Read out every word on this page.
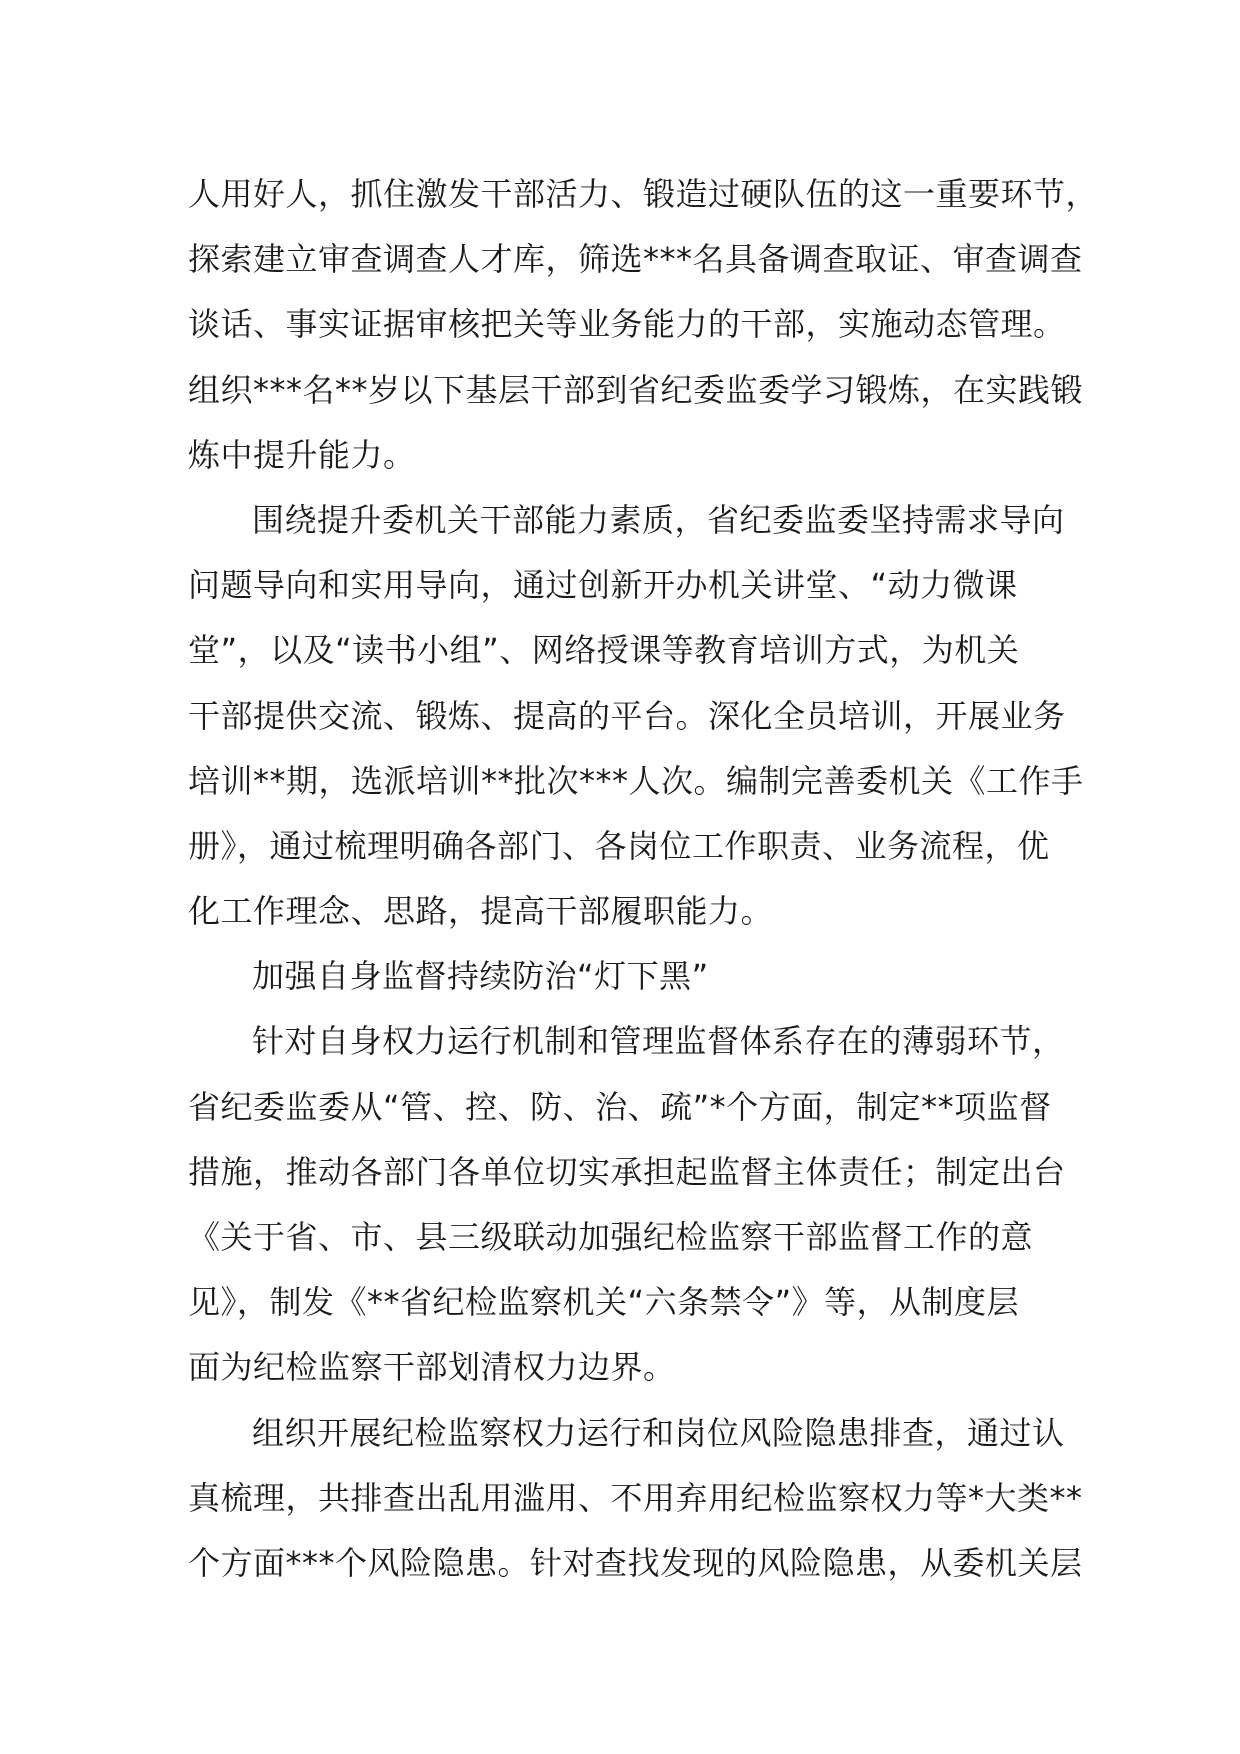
人用好人，抓住激发干部活力、锻造过硬队伍的这一重要环节，
探索建立审查调查人才库，筛选***名具备调查取证、审查调查
谈话、事实证据审核把关等业务能力的干部，实施动态管理。
组织***名**岁以下基层干部到省纪委监委学习锻炼，在实践锻
炼中提升能力。
围绕提升委机关干部能力素质，省纪委监委坚持需求导向
问题导向和实用导向，通过创新开办机关讲堂、“动力微课
堂”，以及“读书小组”、网络授课等教育培训方式，为机关
干部提供交流、锻炼、提高的平台。深化全员培训，开展业务
培训**期，选派培训**批次***人次。编制完善委机关《工作手
册》，通过梳理明确各部门、各岗位工作职责、业务流程，优
化工作理念、思路，提高干部履职能力。
加强自身监督持续防治“灯下黑”
针对自身权力运行机制和管理监督体系存在的薄弱环节，
省纪委监委从“管、控、防、治、疏”*个方面，制定**项监督
措施，推动各部门各单位切实承担起监督主体责任；制定出台
《关于省、市、县三级联动加强纪检监察干部监督工作的意
见》，制发《**省纪检监察机关“六条禁令”》等，从制度层
面为纪检监察干部划清权力边界。
组织开展纪检监察权力运行和岗位风险隐患排查，通过认
真梳理，共排查出乱用滥用、不用弃用纪检监察权力等*大类**
个方面***个风险隐患。针对查找发现的风险隐患，从委机关层
